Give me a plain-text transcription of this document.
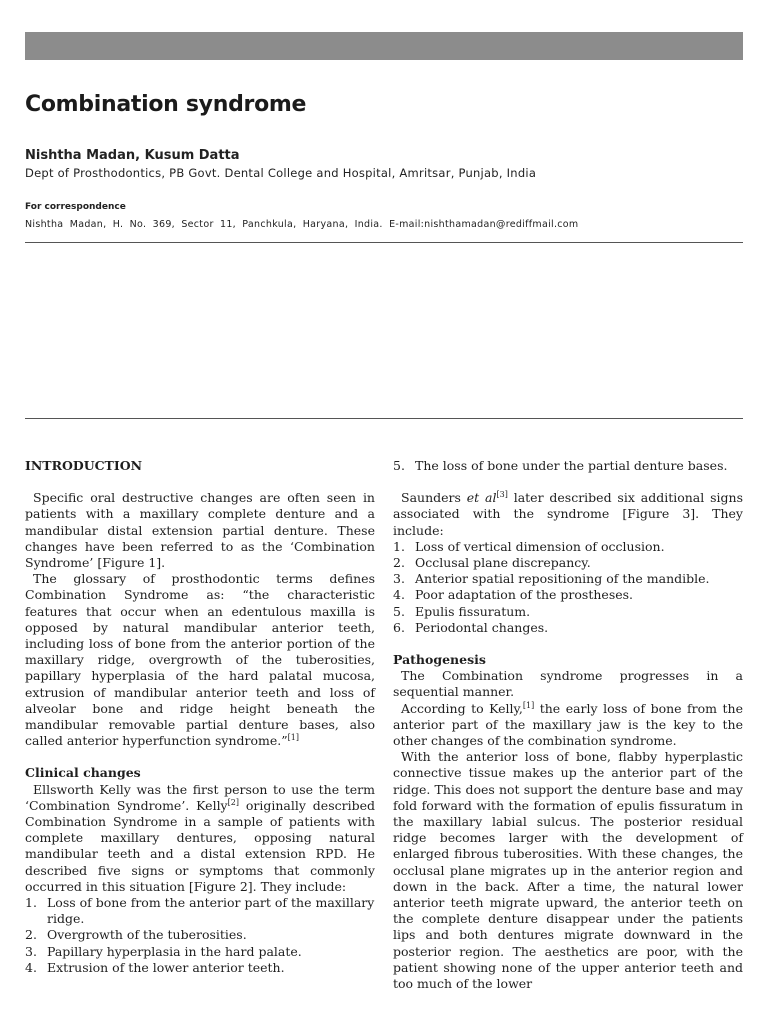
Combination syndrome
Nishtha Madan, Kusum Datta
Dept of Prosthodontics, PB Govt. Dental College and Hospital, Amritsar, Punjab, India
For correspondence
Nishtha Madan, H. No. 369, Sector 11, Panchkula, Haryana, India. E-mail:nishthamadan@rediffmail.com

INTRODUCTION

Specific oral destructive changes are often seen in patients with a maxillary complete denture and a mandibular distal extension partial denture. These changes have been referred to as the ‘Combination Syndrome’ [Figure 1].

The glossary of prosthodontic terms defines Combination Syndrome as: “the characteristic features that occur when an edentulous maxilla is opposed by natural mandibular anterior teeth, including loss of bone from the anterior portion of the maxillary ridge, overgrowth of the tuberosities, papillary hyperplasia of the hard palatal mucosa, extrusion of mandibular anterior teeth and loss of alveolar bone and ridge height beneath the mandibular removable partial denture bases, also called anterior hyperfunction syndrome.”[1]

Clinical changes

Ellsworth Kelly was the first person to use the term ‘Combination Syndrome’. Kelly[2] originally described Combination Syndrome in a sample of patients with complete maxillary dentures, opposing natural mandibular teeth and a distal extension RPD. He described five signs or symptoms that commonly occurred in this situation [Figure 2]. They include:

1. Loss of bone from the anterior part of the maxillary ridge.
2. Overgrowth of the tuberosities.
3. Papillary hyperplasia in the hard palate.
4. Extrusion of the lower anterior teeth.
5. The loss of bone under the partial denture bases.

Saunders et al[3] later described six additional signs associated with the syndrome [Figure 3]. They include:

1. Loss of vertical dimension of occlusion.
2. Occlusal plane discrepancy.
3. Anterior spatial repositioning of the mandible.
4. Poor adaptation of the prostheses.
5. Epulis fissuratum.
6. Periodontal changes.

Pathogenesis

The Combination syndrome progresses in a sequential manner.

According to Kelly,[1] the early loss of bone from the anterior part of the maxillary jaw is the key to the other changes of the combination syndrome.

With the anterior loss of bone, flabby hyperplastic connective tissue makes up the anterior part of the ridge. This does not support the denture base and may fold forward with the formation of epulis fissuratum in the maxillary labial sulcus. The posterior residual ridge becomes larger with the development of enlarged fibrous tuberosities. With these changes, the occlusal plane migrates up in the anterior region and down in the back. After a time, the natural lower anterior teeth migrate upward, the anterior teeth on the complete denture disappear under the patients lips and both dentures migrate downward in the posterior region. The aesthetics are poor, with the patient showing none of the upper anterior teeth and too much of the lower
